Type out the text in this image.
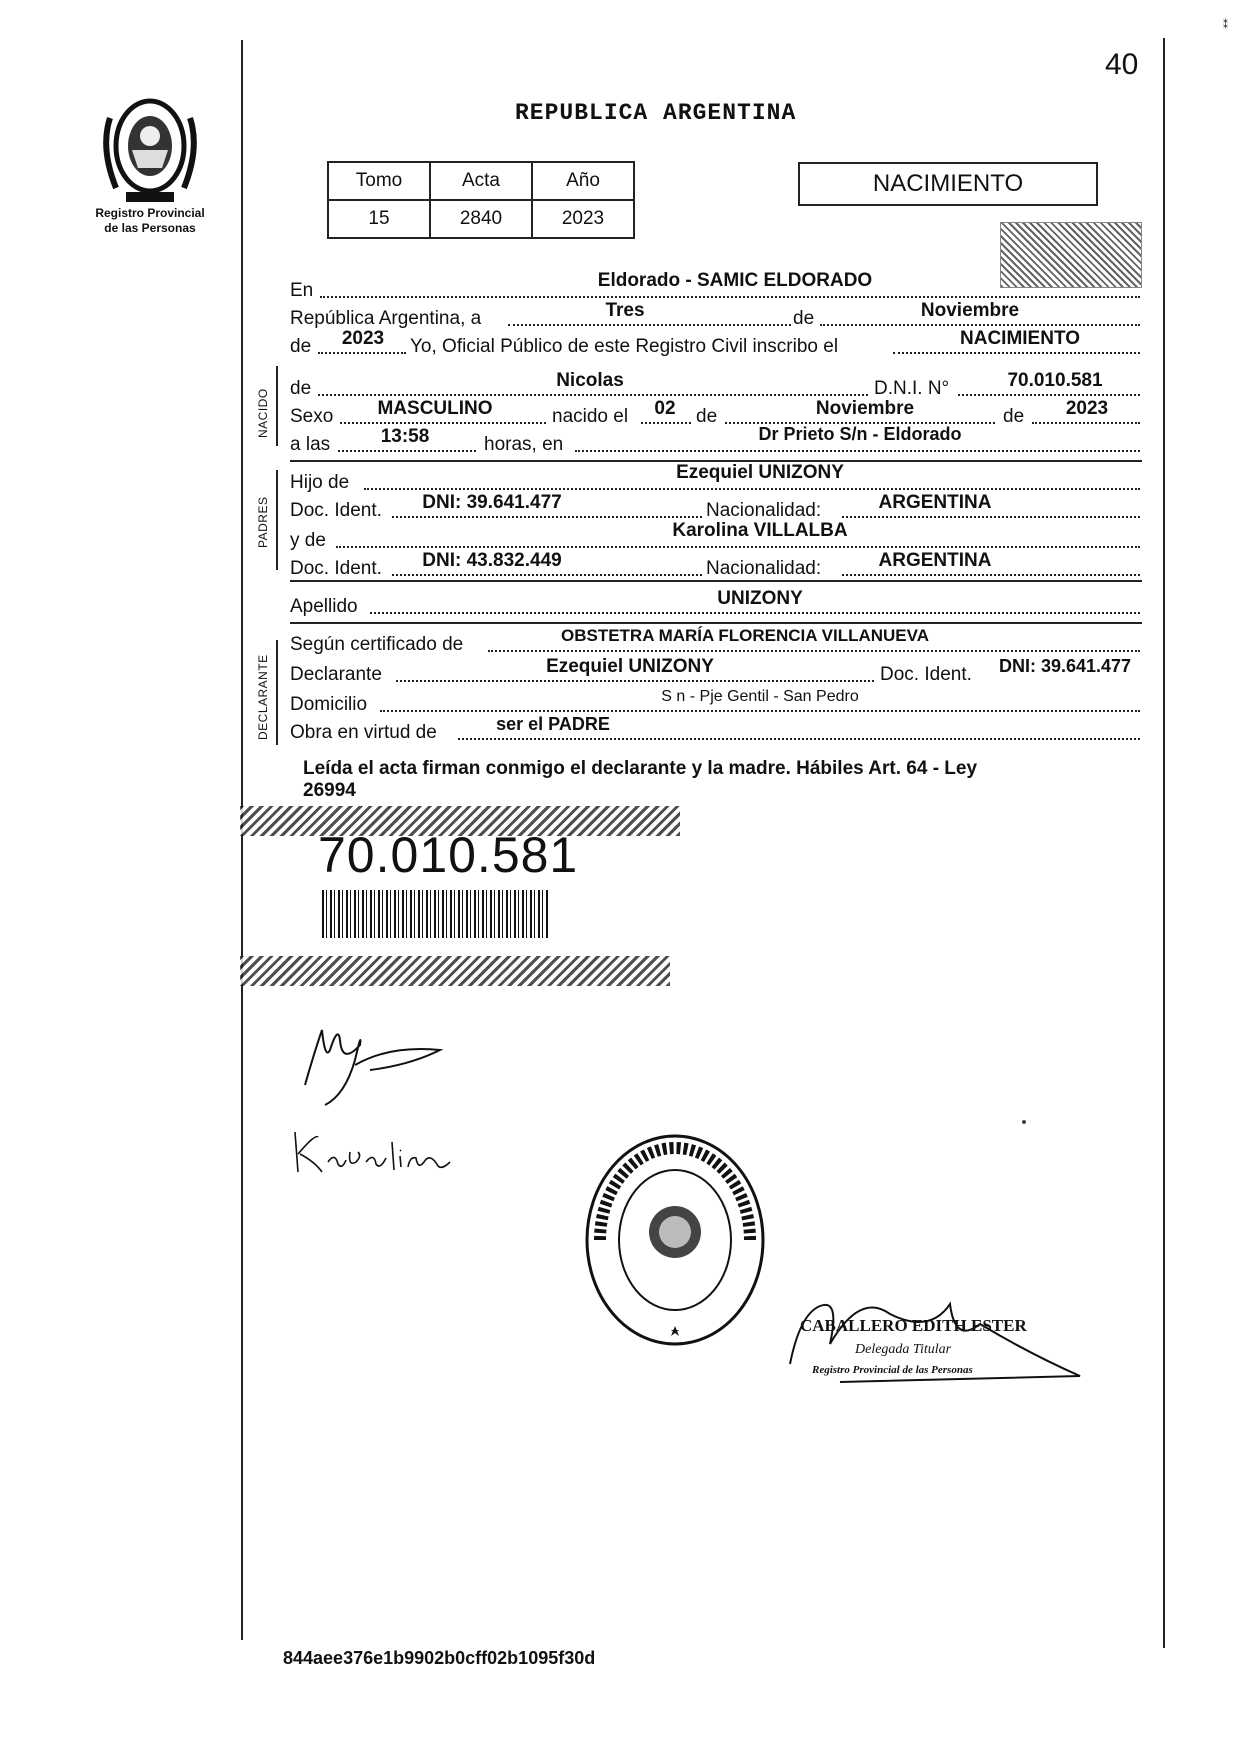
⁑
40
Registro Provincial
de las Personas
REPUBLICA ARGENTINA
Tomo	Acta	Año
15	2840	2023
NACIMIENTO
En	Eldorado - SAMIC ELDORADO
República Argentina, a	Tres	de	Noviembre
de	2023	Yo, Oficial Público de este Registro Civil inscribo el	NACIMIENTO
NACIDO de	Nicolas	D.N.I. N°	70.010.581
Sexo	MASCULINO	nacido el	02	de	Noviembre	de	2023
a las	13:58	horas, en	Dr Prieto S/n - Eldorado
PADRES
Hijo de	Ezequiel UNIZONY
Doc. Ident.	DNI: 39.641.477	Nacionalidad:	ARGENTINA
y de	Karolina VILLALBA
Doc. Ident.	DNI: 43.832.449	Nacionalidad:	ARGENTINA
Apellido	UNIZONY
DECLARANTE
Según certificado de	OBSTETRA MARÍA FLORENCIA VILLANUEVA
Declarante	Ezequiel UNIZONY	Doc. Ident.	DNI: 39.641.477
Domicilio	S n - Pje Gentil - San Pedro
Obra en virtud de	ser el PADRE
Leída el acta firman conmigo el declarante y la madre. Hábiles Art. 64 - Ley
26994
70.010.581
CABALLERO EDITH ESTER
Delegada Titular
Registro Provincial de las Personas
844aee376e1b9902b0cff02b1095f30d
